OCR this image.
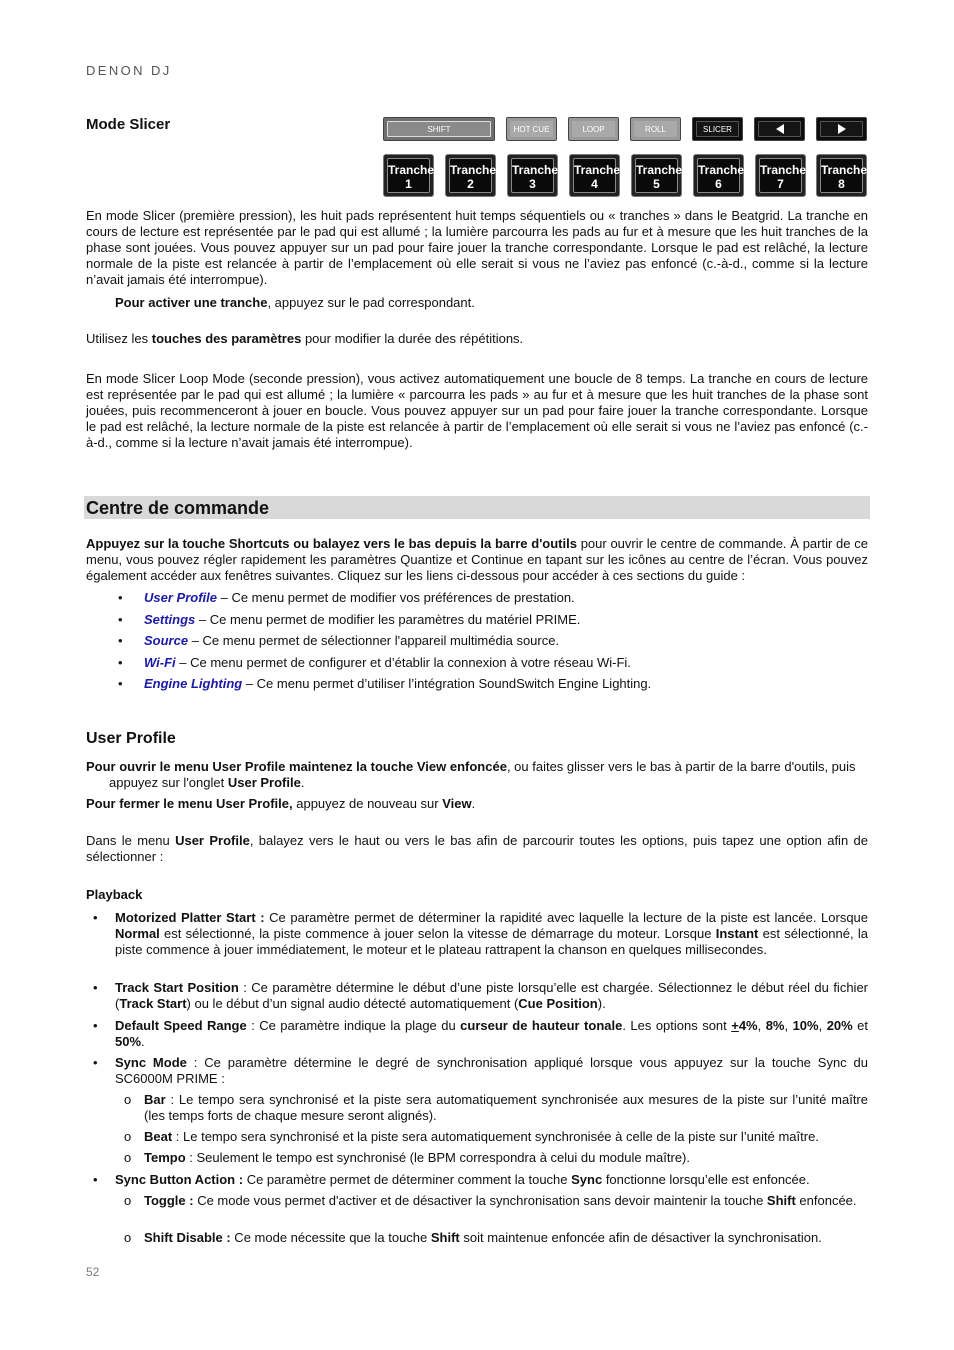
DENON DJ
Mode Slicer	SHIFT	HOT CUE	LOOP	ROLL	SLICER
Tranche
1
Tranche
2
Tranche
3
Tranche
4
Tranche
5
Tranche
6
Tranche
7
Tranche
8
En mode Slicer (première pression), les huit pads représentent huit temps séquentiels ou « tranches » dans le Beatgrid. La tranche en cours de lecture est représentée par le pad qui est allumé ; la lumière parcourra les pads au fur et à mesure que les huit tranches de la phase sont jouées. Vous pouvez appuyer sur un pad pour faire jouer la tranche correspondante. Lorsque le pad est relâché, la lecture normale de la piste est relancée à partir de l’emplacement où elle serait si vous ne l’aviez pas enfoncé (c.-à-d., comme si la lecture n’avait jamais été interrompue).
Pour activer une tranche, appuyez sur le pad correspondant.
Utilisez les touches des paramètres pour modifier la durée des répétitions.
En mode Slicer Loop Mode (seconde pression), vous activez automatiquement une boucle de 8 temps. La tranche en cours de lecture est représentée par le pad qui est allumé ; la lumière « parcourra les pads » au fur et à mesure que les huit tranches de la phase sont jouées, puis recommenceront à jouer en boucle. Vous pouvez appuyer sur un pad pour faire jouer la tranche correspondante. Lorsque le pad est relâché, la lecture normale de la piste est relancée à partir de l’emplacement où elle serait si vous ne l’aviez pas enfoncé (c.-à-d., comme si la lecture n’avait jamais été interrompue).
Centre de commande
Appuyez sur la touche Shortcuts ou balayez vers le bas depuis la barre d'outils pour ouvrir le centre de commande. À partir de ce menu, vous pouvez régler rapidement les paramètres Quantize et Continue en tapant sur les icônes au centre de l’écran. Vous pouvez également accéder aux fenêtres suivantes. Cliquez sur les liens ci-dessous pour accéder à ces sections du guide :
• User Profile – Ce menu permet de modifier vos préférences de prestation.
• Settings – Ce menu permet de modifier les paramètres du matériel PRIME.
• Source – Ce menu permet de sélectionner l'appareil multimédia source.
• Wi-Fi – Ce menu permet de configurer et d’établir la connexion à votre réseau Wi-Fi.
• Engine Lighting – Ce menu permet d’utiliser l’intégration SoundSwitch Engine Lighting.
User Profile
Pour ouvrir le menu User Profile maintenez la touche View enfoncée, ou faites glisser vers le bas à partir de la barre d'outils, puis
appuyez sur l'onglet User Profile.
Pour fermer le menu User Profile, appuyez de nouveau sur View.
Dans le menu User Profile, balayez vers le haut ou vers le bas afin de parcourir toutes les options, puis tapez une option afin de sélectionner :
Playback
• Motorized Platter Start : Ce paramètre permet de déterminer la rapidité avec laquelle la lecture de la piste est lancée. Lorsque Normal est sélectionné, la piste commence à jouer selon la vitesse de démarrage du moteur. Lorsque Instant est sélectionné, la piste commence à jouer immédiatement, le moteur et le plateau rattrapent la chanson en quelques millisecondes.
• Track Start Position : Ce paramètre détermine le début d’une piste lorsqu’elle est chargée. Sélectionnez le début réel du fichier (Track Start) ou le début d’un signal audio détecté automatiquement (Cue Position).
• Default Speed Range : Ce paramètre indique la plage du curseur de hauteur tonale. Les options sont +4%, 8%, 10%, 20% et 50%.
• Sync Mode : Ce paramètre détermine le degré de synchronisation appliqué lorsque vous appuyez sur la touche Sync du SC6000M PRIME :
o Bar : Le tempo sera synchronisé et la piste sera automatiquement synchronisée aux mesures de la piste sur l’unité maître (les temps forts de chaque mesure seront alignés).
o Beat : Le tempo sera synchronisé et la piste sera automatiquement synchronisée à celle de la piste sur l’unité maître.
o Tempo : Seulement le tempo est synchronisé (le BPM correspondra à celui du module maître).
• Sync Button Action : Ce paramètre permet de déterminer comment la touche Sync fonctionne lorsqu’elle est enfoncée.
o Toggle : Ce mode vous permet d'activer et de désactiver la synchronisation sans devoir maintenir la touche Shift enfoncée.
o Shift Disable : Ce mode nécessite que la touche Shift soit maintenue enfoncée afin de désactiver la synchronisation.
52
